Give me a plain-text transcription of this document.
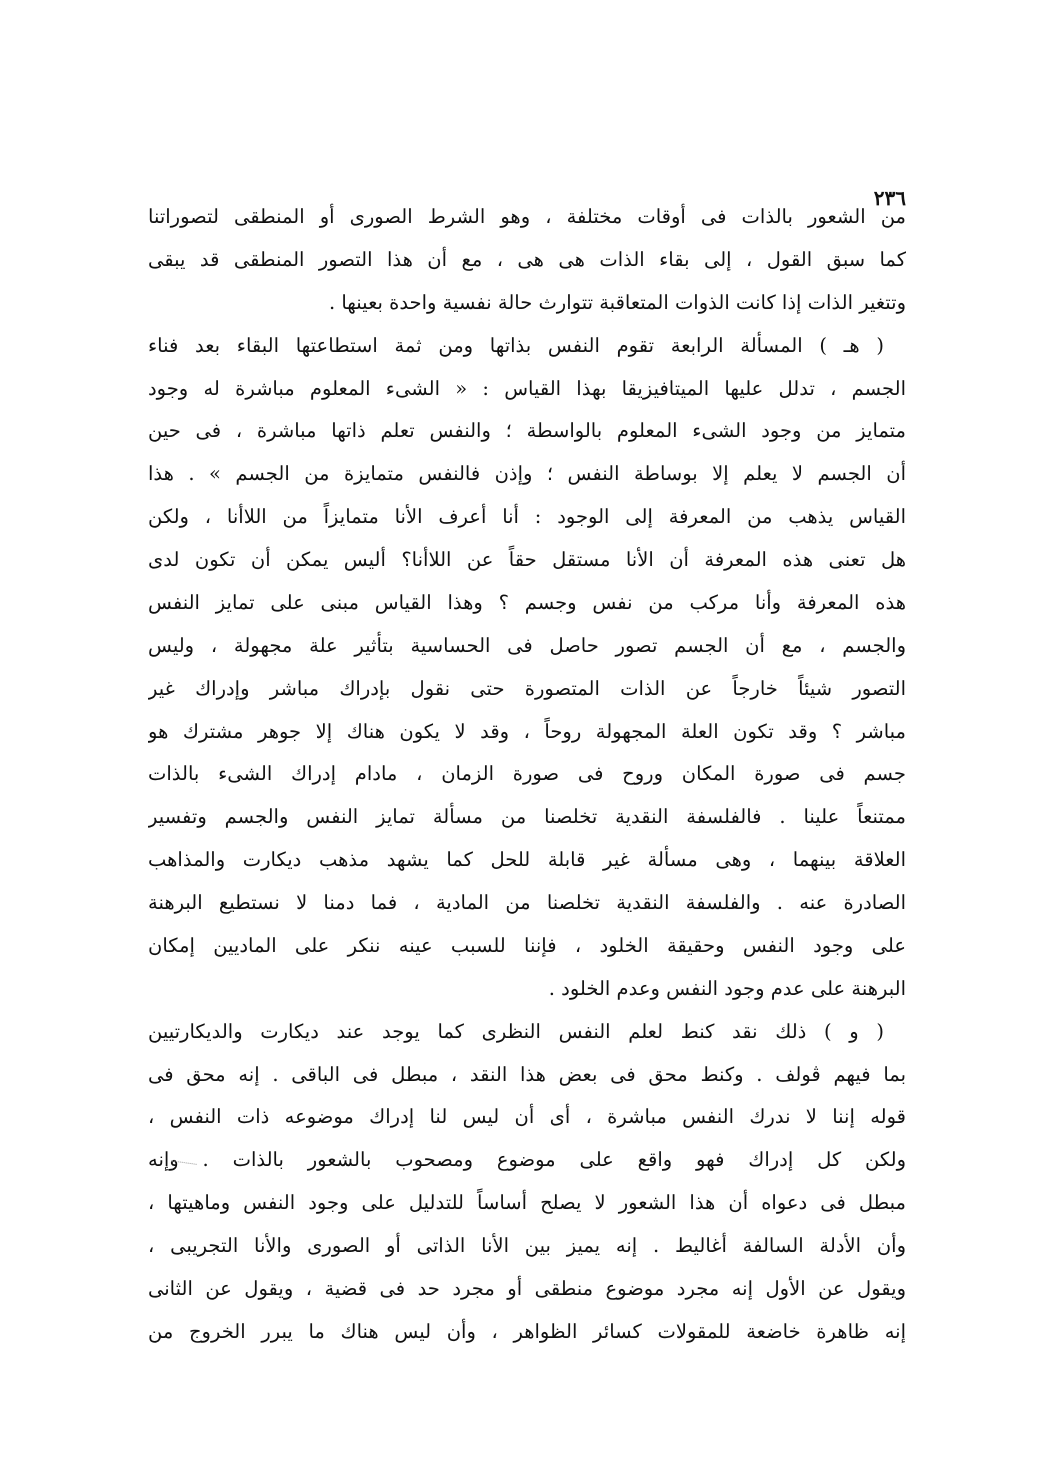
٢٣٦
من الشعور بالذات فى أوقات مختلفة ، وهو الشرط الصورى أو المنطقى لتصوراتنا
كما سبق القول ، إلى بقاء الذات هى هى ، مع أن هذا التصور المنطقى قد يبقى
وتتغير الذات إذا كانت الذوات المتعاقبة تتوارث حالة نفسية واحدة بعينها .
( هـ ) المسألة الرابعة تقوم النفس بذاتها ومن ثمة استطاعتها البقاء بعد فناء
الجسم ، تدلل عليها الميتافيزيقا بهذا القياس : « الشىء المعلوم مباشرة له وجود
متمايز من وجود الشىء المعلوم بالواسطة ؛ والنفس تعلم ذاتها مباشرة ، فى حين
أن الجسم لا يعلم إلا بوساطة النفس ؛ وإذن فالنفس متمايزة من الجسم » . هذا
القياس يذهب من المعرفة إلى الوجود : أنا أعرف الأنا متمايزاً من اللاأنا ، ولكن
هل تعنى هذه المعرفة أن الأنا مستقل حقاً عن اللاأنا؟ أليس يمكن أن تكون لدى
هذه المعرفة وأنا مركب من نفس وجسم ؟ وهذا القياس مبنى على تمايز النفس
والجسم ، مع أن الجسم تصور حاصل فى الحساسية بتأثير علة مجهولة ، وليس
التصور شيئاً خارجاً عن الذات المتصورة حتى نقول بإدراك مباشر وإدراك غير
مباشر ؟ وقد تكون العلة المجهولة روحاً ، وقد لا يكون هناك إلا جوهر مشترك هو
جسم فى صورة المكان وروح فى صورة الزمان ، مادام إدراك الشىء بالذات
ممتنعاً علينا . فالفلسفة النقدية تخلصنا من مسألة تمايز النفس والجسم وتفسير
العلاقة بينهما ، وهى مسألة غير قابلة للحل كما يشهد مذهب ديكارت والمذاهب
الصادرة عنه . والفلسفة النقدية تخلصنا من المادية ، فما دمنا لا نستطيع البرهنة
على وجود النفس وحقيقة الخلود ، فإننا للسبب عينه ننكر على الماديين إمكان
البرهنة على عدم وجود النفس وعدم الخلود .
( و ) ذلك نقد كنط لعلم النفس النظرى كما يوجد عند ديكارت والديكارتيين
بما فيهم ڤولف . وكنط محق فى بعض هذا النقد ، مبطل فى الباقى . إنه محق فى
قوله إننا لا ندرك النفس مباشرة ، أى أن ليس لنا إدراك موضوعه ذات النفس ،
ولكن كل إدراك فهو واقع على موضوع ومصحوب بالشعور بالذات . وإنه
مبطل فى دعواه أن هذا الشعور لا يصلح أساساً للتدليل على وجود النفس وماهيتها ،
وأن الأدلة السالفة أغاليط . إنه يميز بين الأنا الذاتى أو الصورى والأنا التجريبى ،
ويقول عن الأول إنه مجرد موضوع منطقى أو مجرد حد فى قضية ، ويقول عن الثانى
إنه ظاهرة خاضعة للمقولات كسائر الظواهر ، وأن ليس هناك ما يبرر الخروج من
